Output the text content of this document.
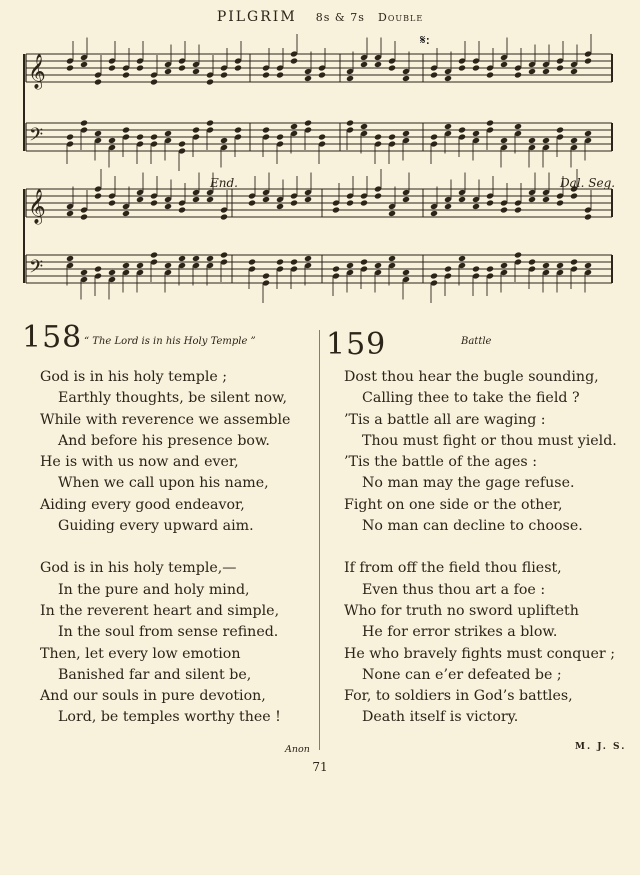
PILGRIM 8s & 7s Double
𝄞
𝄢
𝄞
𝄢
𝄋:
End.	Dal. Seg.
158 “ The Lord is in his Holy Temple ” 159	Battle
God is in his holy temple ;
Earthly thoughts, be silent now,
While with reverence we assemble
And before his presence bow.
He is with us now and ever,
When we call upon his name,
Aiding every good endeavor,
Guiding every upward aim.
God is in his holy temple,—
In the pure and holy mind,
In the reverent heart and simple,
In the soul from sense refined.
Then, let every low emotion
Banished far and silent be,
And our souls in pure devotion,
Lord, be temples worthy thee !
Dost thou hear the bugle sounding,
Calling thee to take the field ?
’Tis a battle all are waging :
Thou must fight or thou must yield.
’Tis the battle of the ages :
No man may the gage refuse.
Fight on one side or the other,
No man can decline to choose.
If from off the field thou fliest,
Even thus thou art a foe :
Who for truth no sword uplifteth
He for error strikes a blow.
He who bravely fights must conquer ;
None can e’er defeated be ;
For, to soldiers in God’s battles,
Death itself is victory.
Anon	M. J. S.
71
